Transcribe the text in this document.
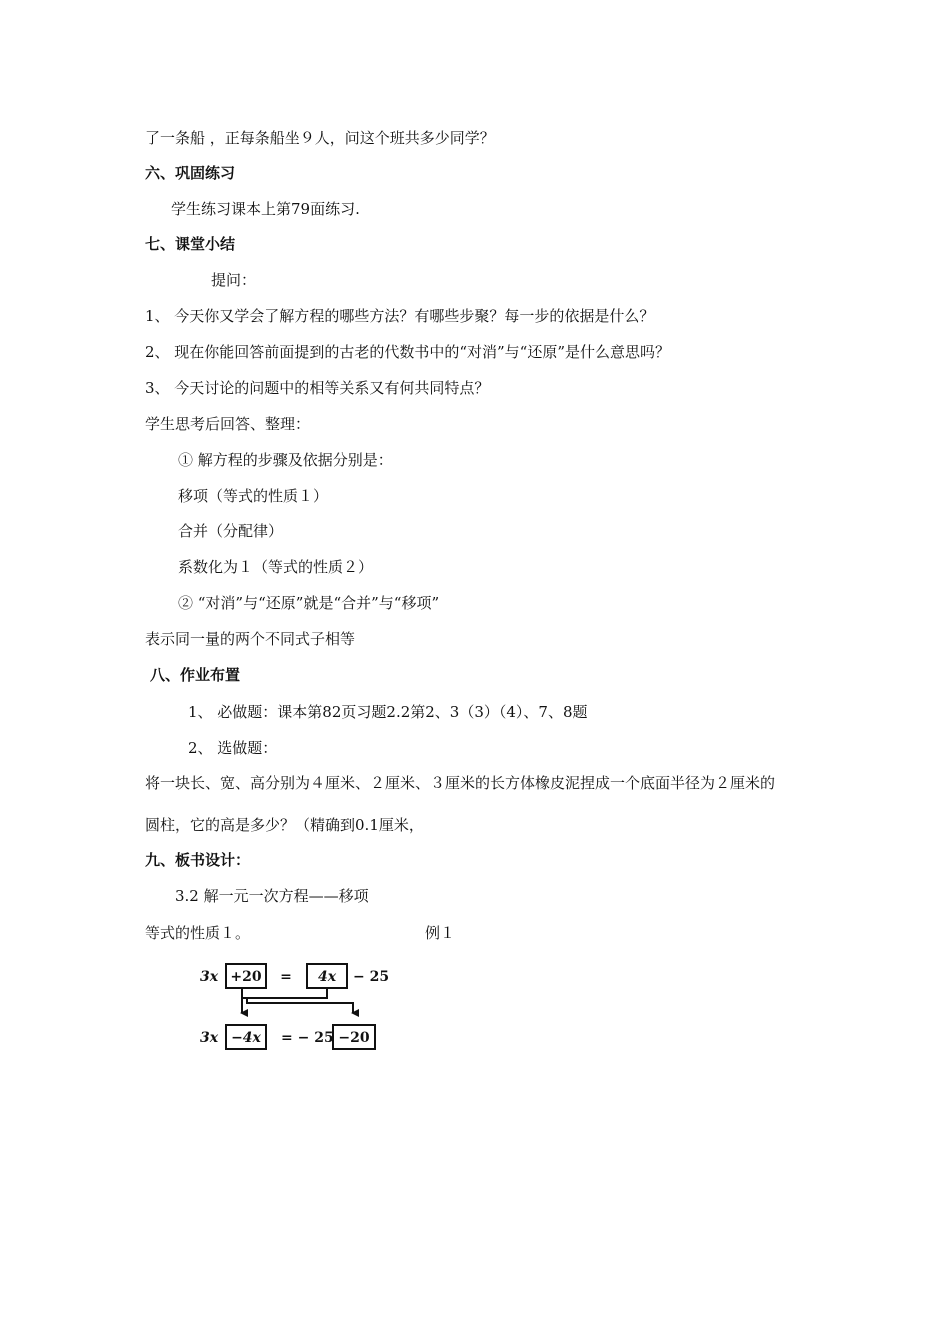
了一条船 ，正每条船坐９人，问这个班共多少同学？
六、巩固练习
学生练习课本上第79面练习.
七、课堂小结
提问：
1、 今天你又学会了解方程的哪些方法？有哪些步聚？每一步的依据是什么？
2、 现在你能回答前面提到的古老的代数书中的“对消”与“还原”是什么意思吗？
3、 今天讨论的问题中的相等关系又有何共同特点？
学生思考后回答、整理：
① 解方程的步骤及依据分别是：
移项（等式的性质１）
合并（分配律）
系数化为１（等式的性质２）
② “对消”与“还原”就是“合并”与“移项”
表示同一量的两个不同式子相等
八、作业布置
1、 必做题：课本第82页习题2.2第2、3（3）（4）、7、8题
2、 选做题：
将一块长、宽、高分别为４厘米、２厘米、３厘米的长方体橡皮泥捏成一个底面半径为２厘米的
圆柱，它的高是多少？（精确到0.1厘米，
九、板书设计：
3.2 解一元一次方程——移项
等式的性质１。	例１
3x +20 = 4x − 25
3x −4x = − 25 −20
